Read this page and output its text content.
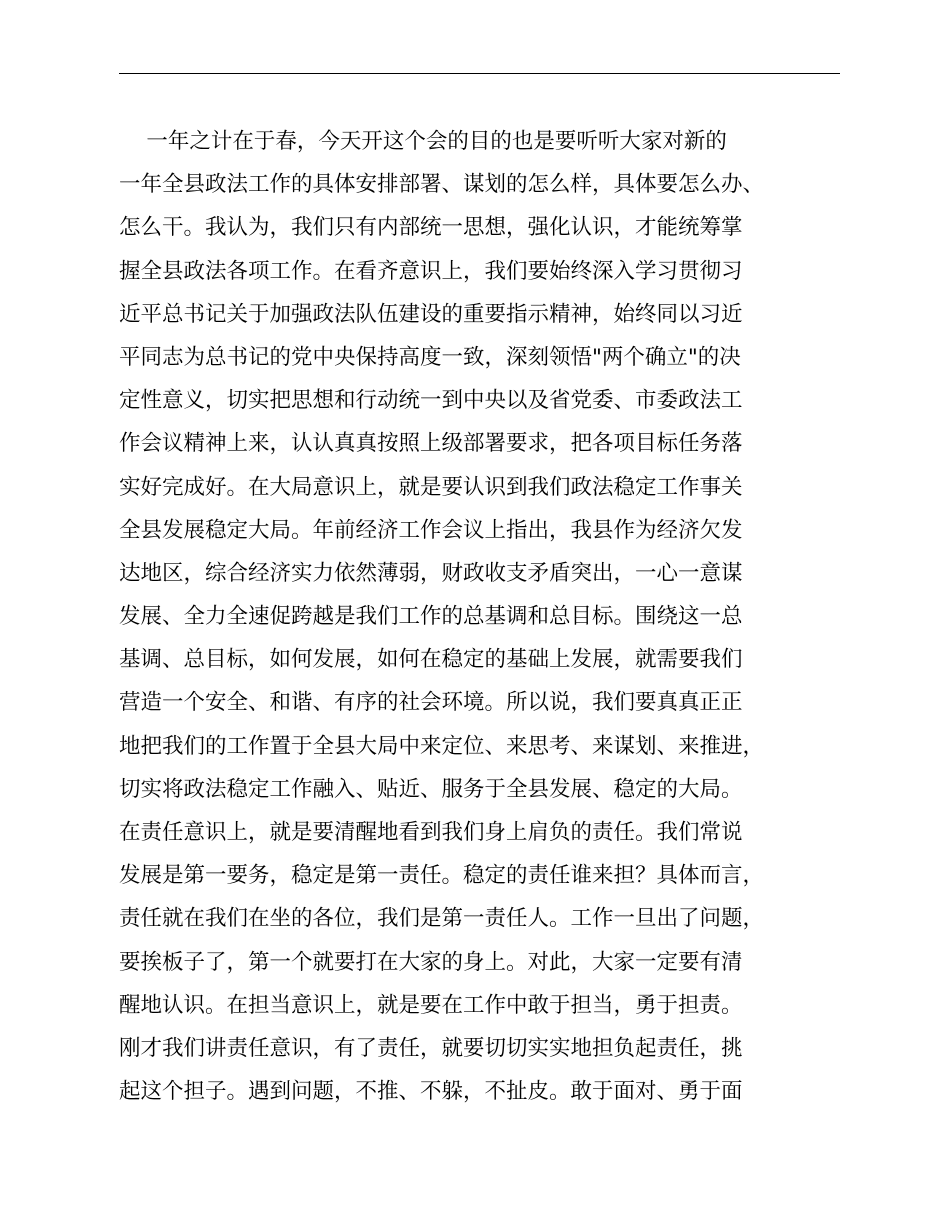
一年之计在于春，今天开这个会的目的也是要听听大家对新的
一年全县政法工作的具体安排部署、谋划的怎么样，具体要怎么办、
怎么干。我认为，我们只有内部统一思想，强化认识，才能统筹掌
握全县政法各项工作。在看齐意识上，我们要始终深入学习贯彻习
近平总书记关于加强政法队伍建设的重要指示精神，始终同以习近
平同志为总书记的党中央保持高度一致，深刻领悟"两个确立"的决
定性意义，切实把思想和行动统一到中央以及省党委、市委政法工
作会议精神上来，认认真真按照上级部署要求，把各项目标任务落
实好完成好。在大局意识上，就是要认识到我们政法稳定工作事关
全县发展稳定大局。年前经济工作会议上指出，我县作为经济欠发
达地区，综合经济实力依然薄弱，财政收支矛盾突出，一心一意谋
发展、全力全速促跨越是我们工作的总基调和总目标。围绕这一总
基调、总目标，如何发展，如何在稳定的基础上发展，就需要我们
营造一个安全、和谐、有序的社会环境。所以说，我们要真真正正
地把我们的工作置于全县大局中来定位、来思考、来谋划、来推进，
切实将政法稳定工作融入、贴近、服务于全县发展、稳定的大局。
在责任意识上，就是要清醒地看到我们身上肩负的责任。我们常说
发展是第一要务，稳定是第一责任。稳定的责任谁来担？具体而言，
责任就在我们在坐的各位，我们是第一责任人。工作一旦出了问题，
要挨板子了，第一个就要打在大家的身上。对此，大家一定要有清
醒地认识。在担当意识上，就是要在工作中敢于担当，勇于担责。
刚才我们讲责任意识，有了责任，就要切切实实地担负起责任，挑
起这个担子。遇到问题，不推、不躲，不扯皮。敢于面对、勇于面
